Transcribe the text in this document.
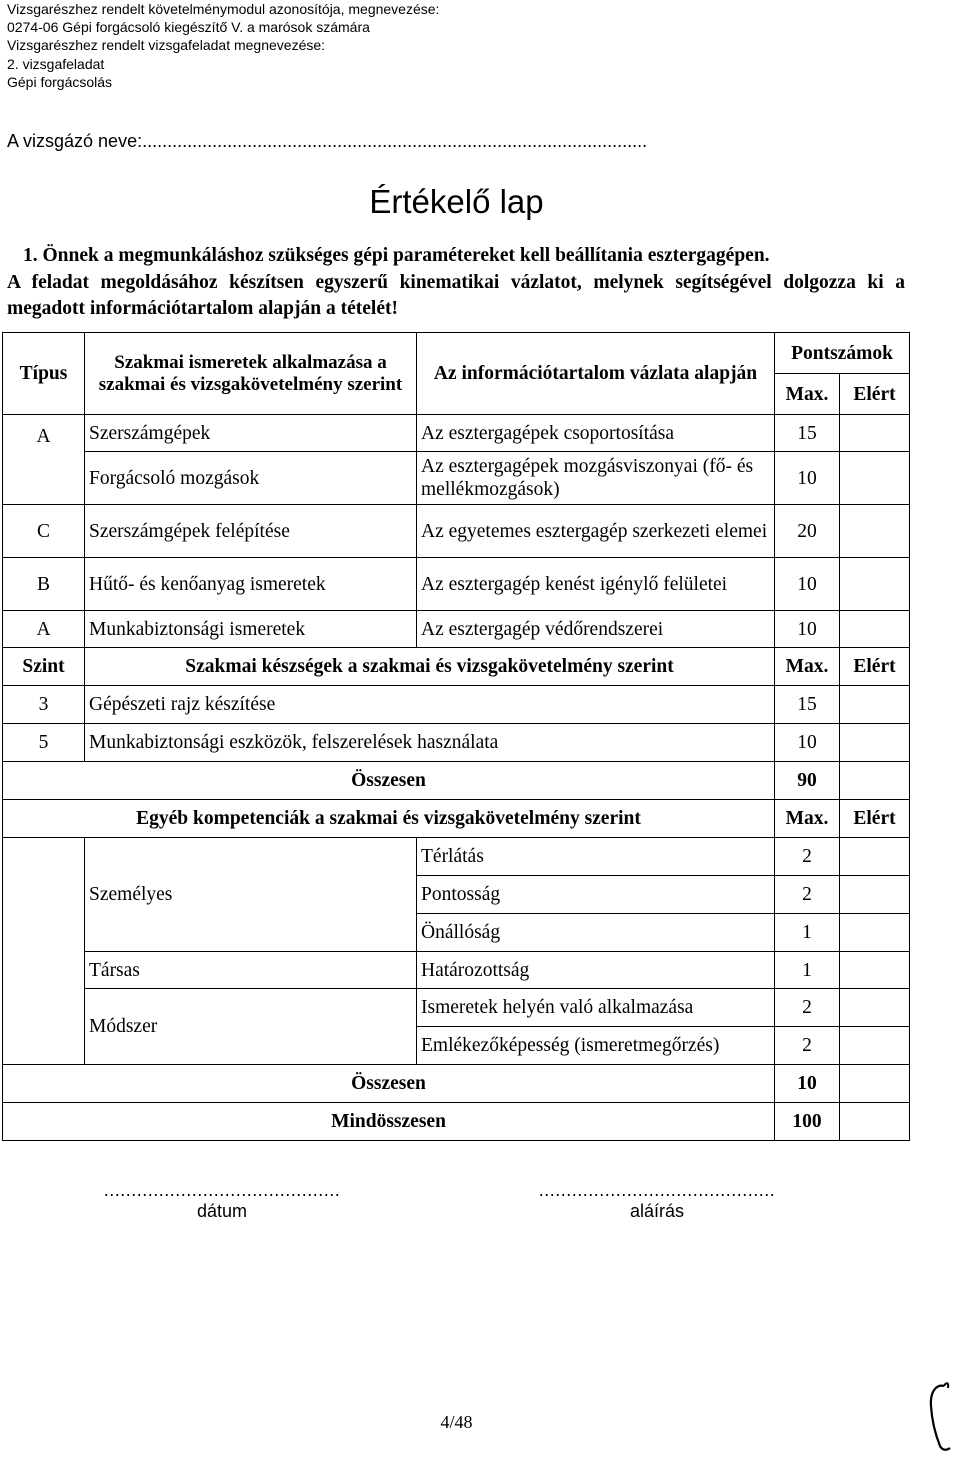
Vizsgarészhez rendelt követelménymodul azonosítója, megnevezése:
0274-06 Gépi forgácsoló kiegészítő V. a marósok számára
Vizsgarészhez rendelt vizsgafeladat megnevezése:
2. vizsgafeladat
Gépi forgácsolás
A vizsgázó neve:.....................................................................................................
Értékelő lap

1. Önnek a megmunkáláshoz szükséges gépi paramétereket kell beállítania esztergagépen.

A feladat megoldásához készítsen egyszerű kinematikai vázlatot, melynek segítségével dolgozza ki a megadott információtartalom alapján a tételét!

Típus	Szakmai ismeretek alkalmazása a szakmai és vizsgakövetelmény szerint	Az információtartalom vázlata alapján	Pontszámok	
			Max.	Elért
A	Szerszámgépek	Az esztergagépek csoportosítása	15	
	Forgácsoló mozgások	Az esztergagépek mozgásviszonyai (fő- és mellékmozgások)	10	
C	Szerszámgépek felépítése	Az egyetemes esztergagép szerkezeti elemei	20	
B	Hűtő- és kenőanyag ismeretek	Az esztergagép kenést igénylő felületei	10	
A	Munkabiztonsági ismeretek	Az esztergagép védőrendszerei	10	
Szint	Szakmai készségek a szakmai és vizsgakövetelmény szerint		Max.	Elért
3	Gépészeti rajz készítése		15	
5	Munkabiztonsági eszközök, felszerelések használata		10	
Összesen			90	
Egyéb kompetenciák a szakmai és vizsgakövetelmény szerint			Max.	Elért
	Személyes	Térlátás	2	
		Pontosság	2	
		Önállóság	1	
	Társas	Határozottság	1	
	Módszer	Ismeretek helyén való alkalmazása	2	
		Emlékezőképesség (ismeretmegőrzés)	2	
Összesen			10	
Mindösszesen			100	
...........................................
dátum
...........................................
aláírás
4/48
